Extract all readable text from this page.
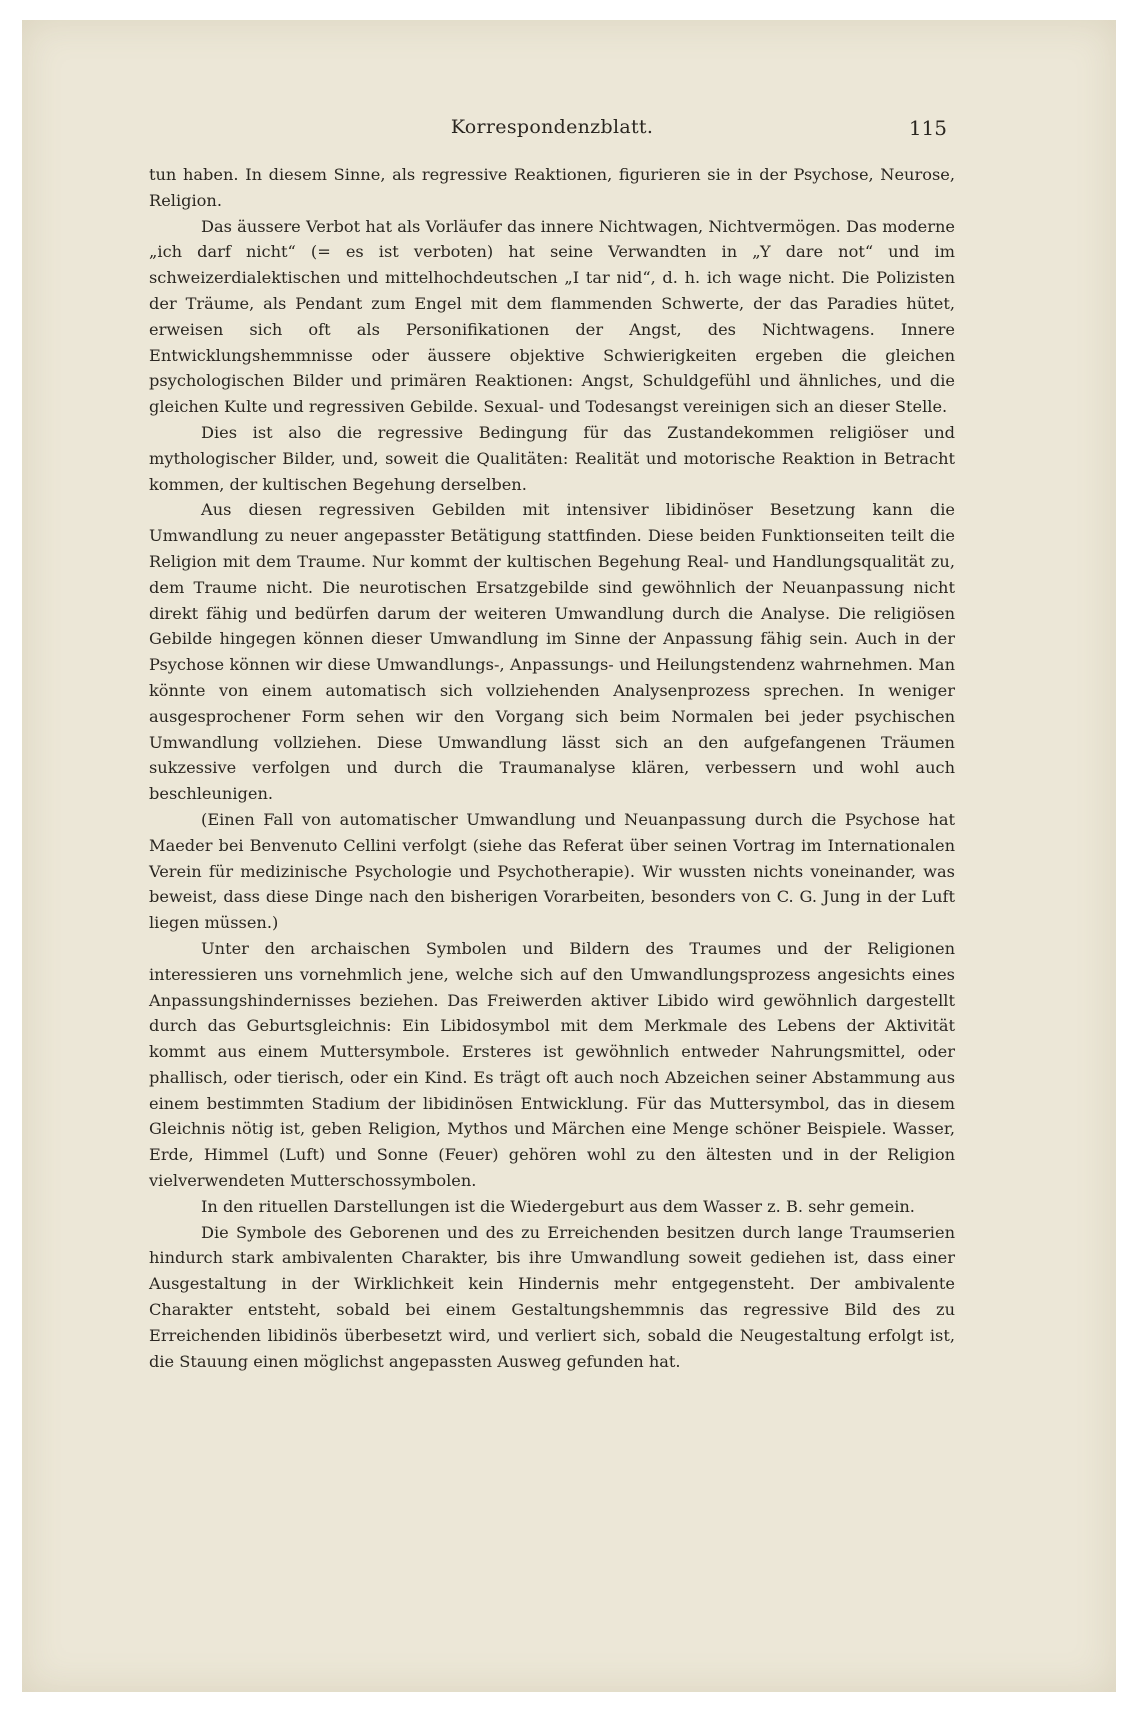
Korrespondenzblatt.	115

tun haben. In diesem Sinne, als regressive Reaktionen, figurieren sie in der Psychose, Neurose, Religion.

Das äussere Verbot hat als Vorläufer das innere Nichtwagen, Nichtvermögen. Das moderne „ich darf nicht“ (= es ist verboten) hat seine Verwandten in „Y dare not“ und im schweizerdialektischen und mittelhochdeutschen „I tar nid“, d. h. ich wage nicht. Die Polizisten der Träume, als Pendant zum Engel mit dem flammenden Schwerte, der das Paradies hütet, erweisen sich oft als Personifikationen der Angst, des Nichtwagens. Innere Entwicklungshemmnisse oder äussere objektive Schwierigkeiten ergeben die gleichen psychologischen Bilder und primären Reaktionen: Angst, Schuldgefühl und ähnliches, und die gleichen Kulte und regressiven Gebilde. Sexual- und Todesangst vereinigen sich an dieser Stelle.

Dies ist also die regressive Bedingung für das Zustandekommen religiöser und mythologischer Bilder, und, soweit die Qualitäten: Realität und motorische Reaktion in Betracht kommen, der kultischen Begehung derselben.

Aus diesen regressiven Gebilden mit intensiver libidinöser Besetzung kann die Umwandlung zu neuer angepasster Betätigung stattfinden. Diese beiden Funktionseiten teilt die Religion mit dem Traume. Nur kommt der kultischen Begehung Real- und Handlungsqualität zu, dem Traume nicht. Die neurotischen Ersatzgebilde sind gewöhnlich der Neuanpassung nicht direkt fähig und bedürfen darum der weiteren Umwandlung durch die Analyse. Die religiösen Gebilde hingegen können dieser Umwandlung im Sinne der Anpassung fähig sein. Auch in der Psychose können wir diese Umwandlungs-, Anpassungs- und Heilungstendenz wahrnehmen. Man könnte von einem automatisch sich vollziehenden Analysenprozess sprechen. In weniger ausgesprochener Form sehen wir den Vorgang sich beim Normalen bei jeder psychischen Umwandlung vollziehen. Diese Umwandlung lässt sich an den aufgefangenen Träumen sukzessive verfolgen und durch die Traumanalyse klären, verbessern und wohl auch beschleunigen.

(Einen Fall von automatischer Umwandlung und Neuanpassung durch die Psychose hat Maeder bei Benvenuto Cellini verfolgt (siehe das Referat über seinen Vortrag im Internationalen Verein für medizinische Psychologie und Psychotherapie). Wir wussten nichts voneinander, was beweist, dass diese Dinge nach den bisherigen Vorarbeiten, besonders von C. G. Jung in der Luft liegen müssen.)

Unter den archaischen Symbolen und Bildern des Traumes und der Religionen interessieren uns vornehmlich jene, welche sich auf den Umwandlungsprozess angesichts eines Anpassungshindernisses beziehen. Das Freiwerden aktiver Libido wird gewöhnlich dargestellt durch das Geburtsgleichnis: Ein Libidosymbol mit dem Merkmale des Lebens der Aktivität kommt aus einem Muttersymbole. Ersteres ist gewöhnlich entweder Nahrungsmittel, oder phallisch, oder tierisch, oder ein Kind. Es trägt oft auch noch Abzeichen seiner Abstammung aus einem bestimmten Stadium der libidinösen Entwicklung. Für das Muttersymbol, das in diesem Gleichnis nötig ist, geben Religion, Mythos und Märchen eine Menge schöner Beispiele. Wasser, Erde, Himmel (Luft) und Sonne (Feuer) gehören wohl zu den ältesten und in der Religion vielverwendeten Mutterschossymbolen.

In den rituellen Darstellungen ist die Wiedergeburt aus dem Wasser z. B. sehr gemein.

Die Symbole des Geborenen und des zu Erreichenden besitzen durch lange Traumserien hindurch stark ambivalenten Charakter, bis ihre Umwandlung soweit gediehen ist, dass einer Ausgestaltung in der Wirklichkeit kein Hindernis mehr entgegensteht. Der ambivalente Charakter entsteht, sobald bei einem Gestaltungshemmnis das regressive Bild des zu Erreichenden libidinös überbesetzt wird, und verliert sich, sobald die Neugestaltung erfolgt ist, die Stauung einen möglichst angepassten Ausweg gefunden hat.
